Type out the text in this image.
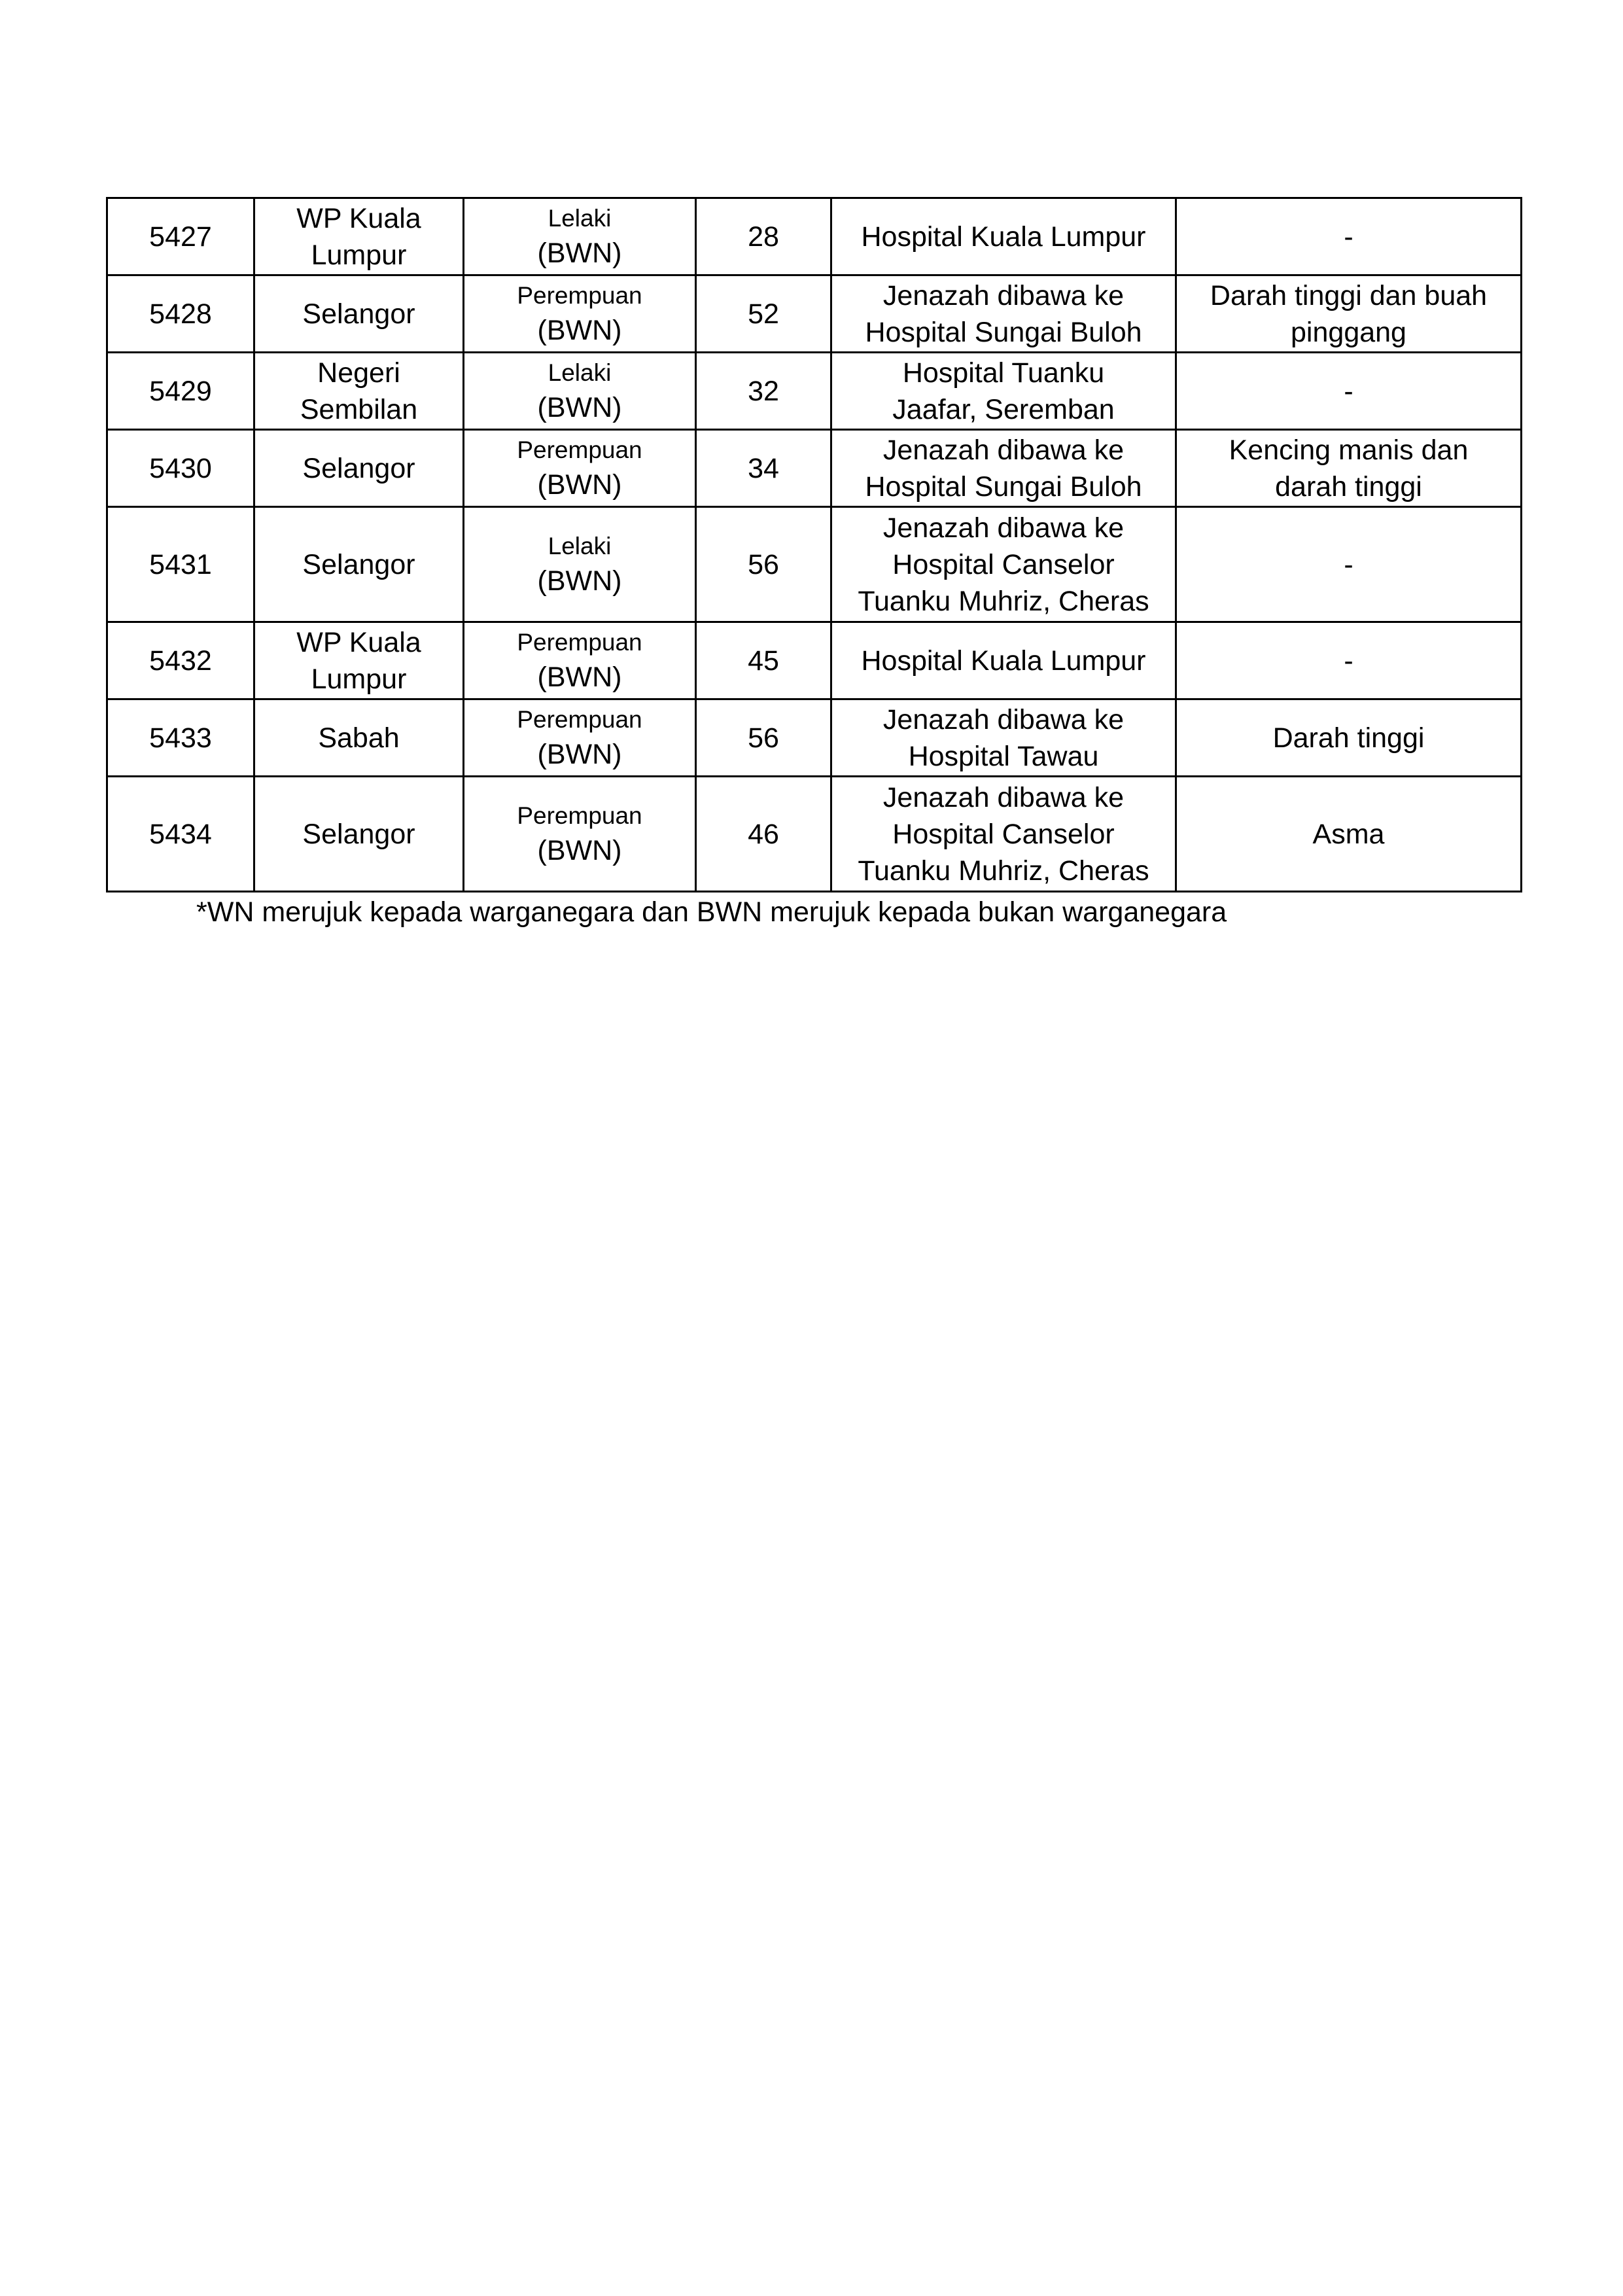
5427	WP Kuala
Lumpur	Lelaki
(BWN)	28	Hospital Kuala Lumpur	-

5428	Selangor	Perempuan
(BWN)	52	Jenazah dibawa ke
Hospital Sungai Buloh	Darah tinggi dan buah
pinggang

5429	Negeri
Sembilan	Lelaki
(BWN)	32	Hospital Tuanku
Jaafar, Seremban	-

5430	Selangor	Perempuan
(BWN)	34	Jenazah dibawa ke
Hospital Sungai Buloh	Kencing manis dan
darah tinggi

5431	Selangor	Lelaki
(BWN)	56	Jenazah dibawa ke
Hospital Canselor
Tuanku Muhriz, Cheras	-

5432	WP Kuala
Lumpur	Perempuan
(BWN)	45	Hospital Kuala Lumpur	-

5433	Sabah	Perempuan
(BWN)	56	Jenazah dibawa ke
Hospital Tawau	Darah tinggi

5434	Selangor	Perempuan
(BWN)	46	Jenazah dibawa ke
Hospital Canselor
Tuanku Muhriz, Cheras	Asma
*WN merujuk kepada warganegara dan BWN merujuk kepada bukan warganegara
